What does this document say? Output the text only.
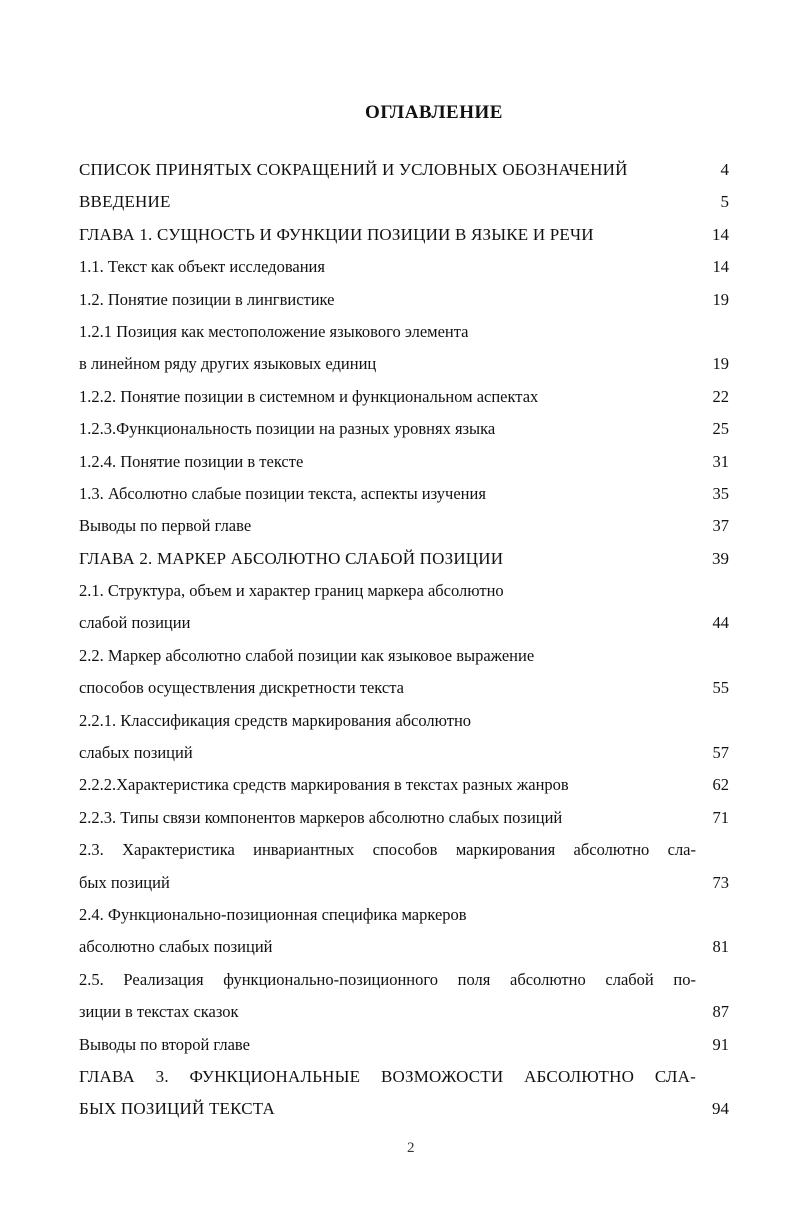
ОГЛАВЛЕНИЕ
СПИСОК ПРИНЯТЫХ СОКРАЩЕНИЙ И УСЛОВНЫХ ОБОЗНАЧЕНИЙ	4
ВВЕДЕНИЕ	5
ГЛАВА 1. СУЩНОСТЬ И ФУНКЦИИ ПОЗИЦИИ В ЯЗЫКЕ И РЕЧИ	14
1.1. Текст как объект исследования	14
1.2. Понятие позиции в лингвистике	19
1.2.1 Позиция как местоположение языкового элемента
в линейном ряду других языковых единиц	19
1.2.2. Понятие позиции в системном и функциональном аспектах	22
1.2.3.Функциональность позиции на разных уровнях языка	25
1.2.4. Понятие позиции в тексте	31
1.3. Абсолютно слабые позиции текста, аспекты изучения	35
Выводы по первой главе	37
ГЛАВА 2. МАРКЕР АБСОЛЮТНО СЛАБОЙ ПОЗИЦИИ	39
2.1. Структура, объем и характер границ маркера абсолютно
слабой позиции	44
2.2. Маркер абсолютно слабой позиции как языковое выражение
способов осуществления дискретности текста	55
2.2.1. Классификация средств маркирования абсолютно
слабых позиций	57
2.2.2.Характеристика средств маркирования в текстах разных жанров	62
2.2.3. Типы связи компонентов маркеров абсолютно слабых позиций	71
2.3. Характеристика инвариантных способов маркирования абсолютно сла-
бых позиций	73
2.4. Функционально-позиционная специфика маркеров
абсолютно слабых позиций	81
2.5. Реализация функционально-позиционного поля абсолютно слабой по-
зиции в текстах сказок	87
Выводы по второй главе	91
ГЛАВА 3. ФУНКЦИОНАЛЬНЫЕ ВОЗМОЖОСТИ АБСОЛЮТНО СЛА-
БЫХ ПОЗИЦИЙ ТЕКСТА	94
2
